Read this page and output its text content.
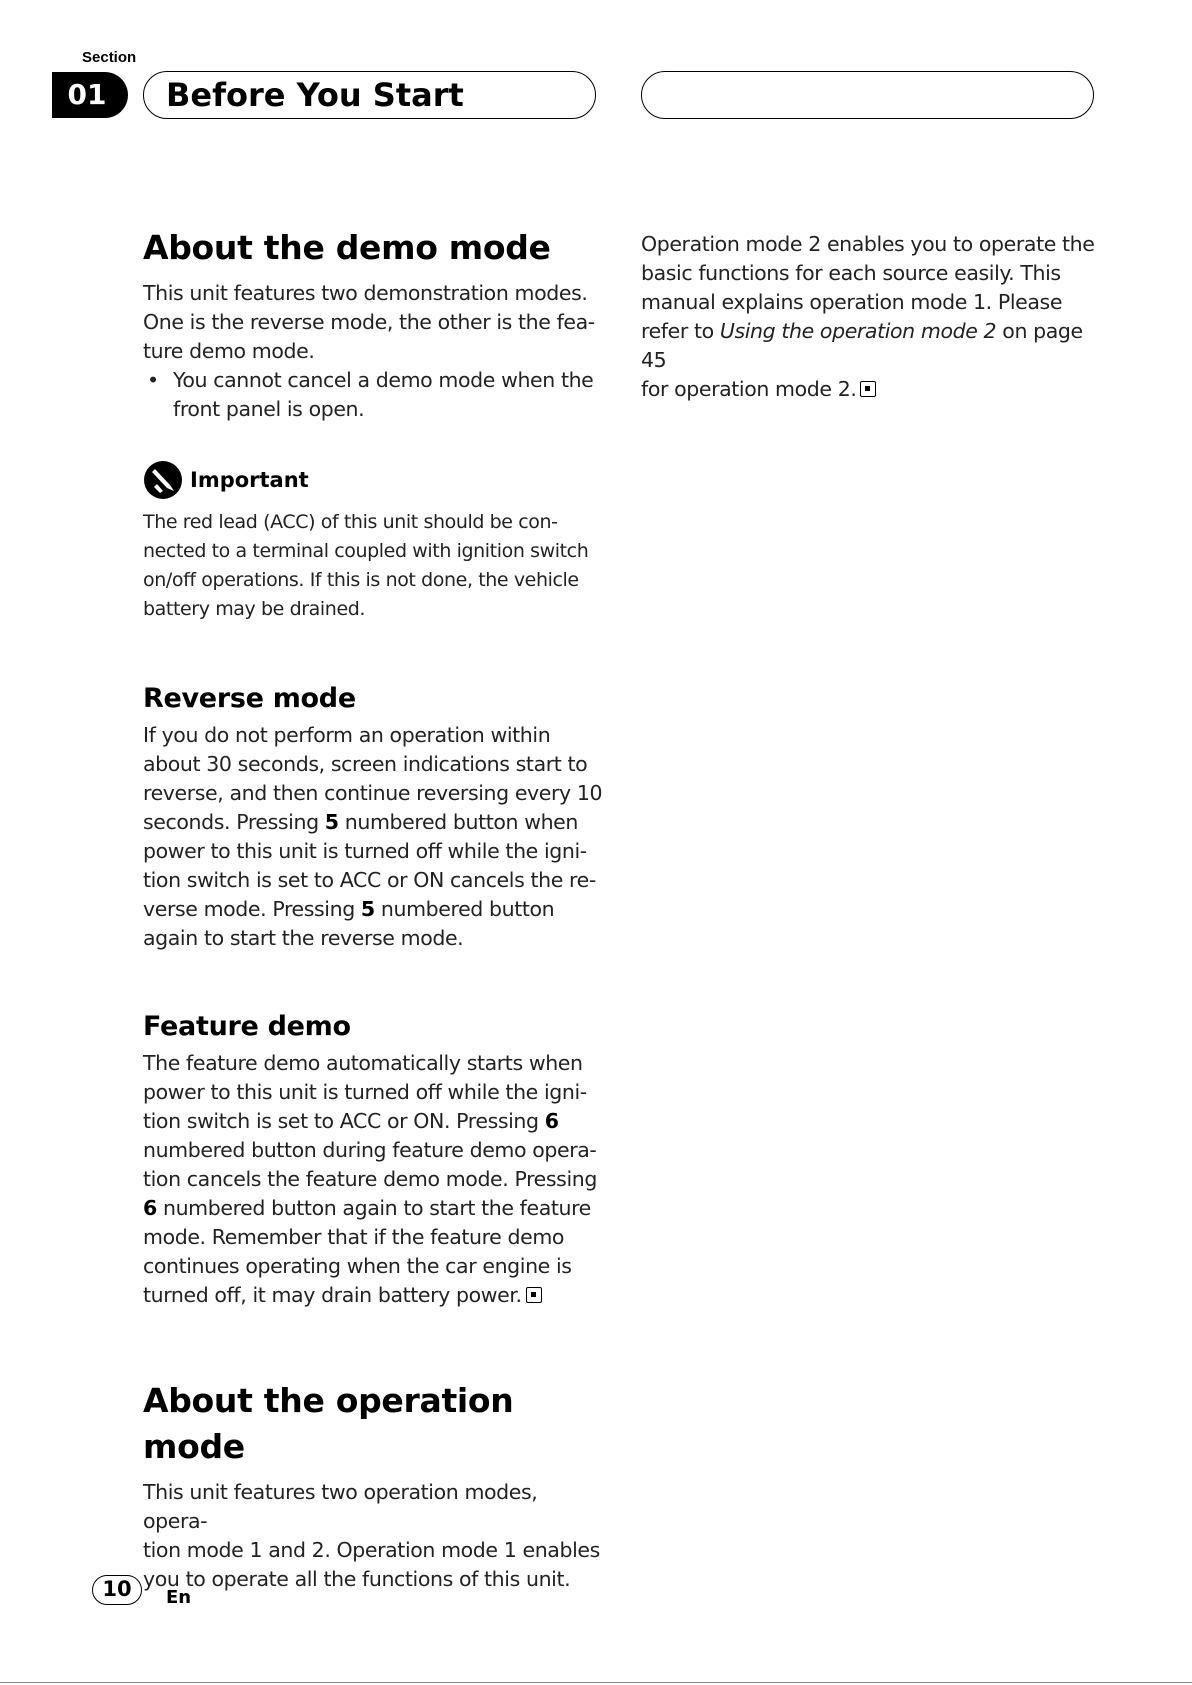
Section
01	Before You Start
About the demo mode
This unit features two demonstration modes.
One is the reverse mode, the other is the fea-
ture demo mode.
• You cannot cancel a demo mode when the
front panel is open.
Important
The red lead (ACC) of this unit should be con-
nected to a terminal coupled with ignition switch
on/off operations. If this is not done, the vehicle
battery may be drained.
Reverse mode
If you do not perform an operation within
about 30 seconds, screen indications start to
reverse, and then continue reversing every 10
seconds. Pressing 5 numbered button when
power to this unit is turned off while the igni-
tion switch is set to ACC or ON cancels the re-
verse mode. Pressing 5 numbered button
again to start the reverse mode.
Feature demo
The feature demo automatically starts when
power to this unit is turned off while the igni-
tion switch is set to ACC or ON. Pressing 6
numbered button during feature demo opera-
tion cancels the feature demo mode. Pressing
6 numbered button again to start the feature
mode. Remember that if the feature demo
continues operating when the car engine is
turned off, it may drain battery power.
About the operation mode
This unit features two operation modes, opera-
tion mode 1 and 2. Operation mode 1 enables
you to operate all the functions of this unit.
Operation mode 2 enables you to operate the
basic functions for each source easily. This
manual explains operation mode 1. Please
refer to Using the operation mode 2 on page 45
for operation mode 2.
10	En
